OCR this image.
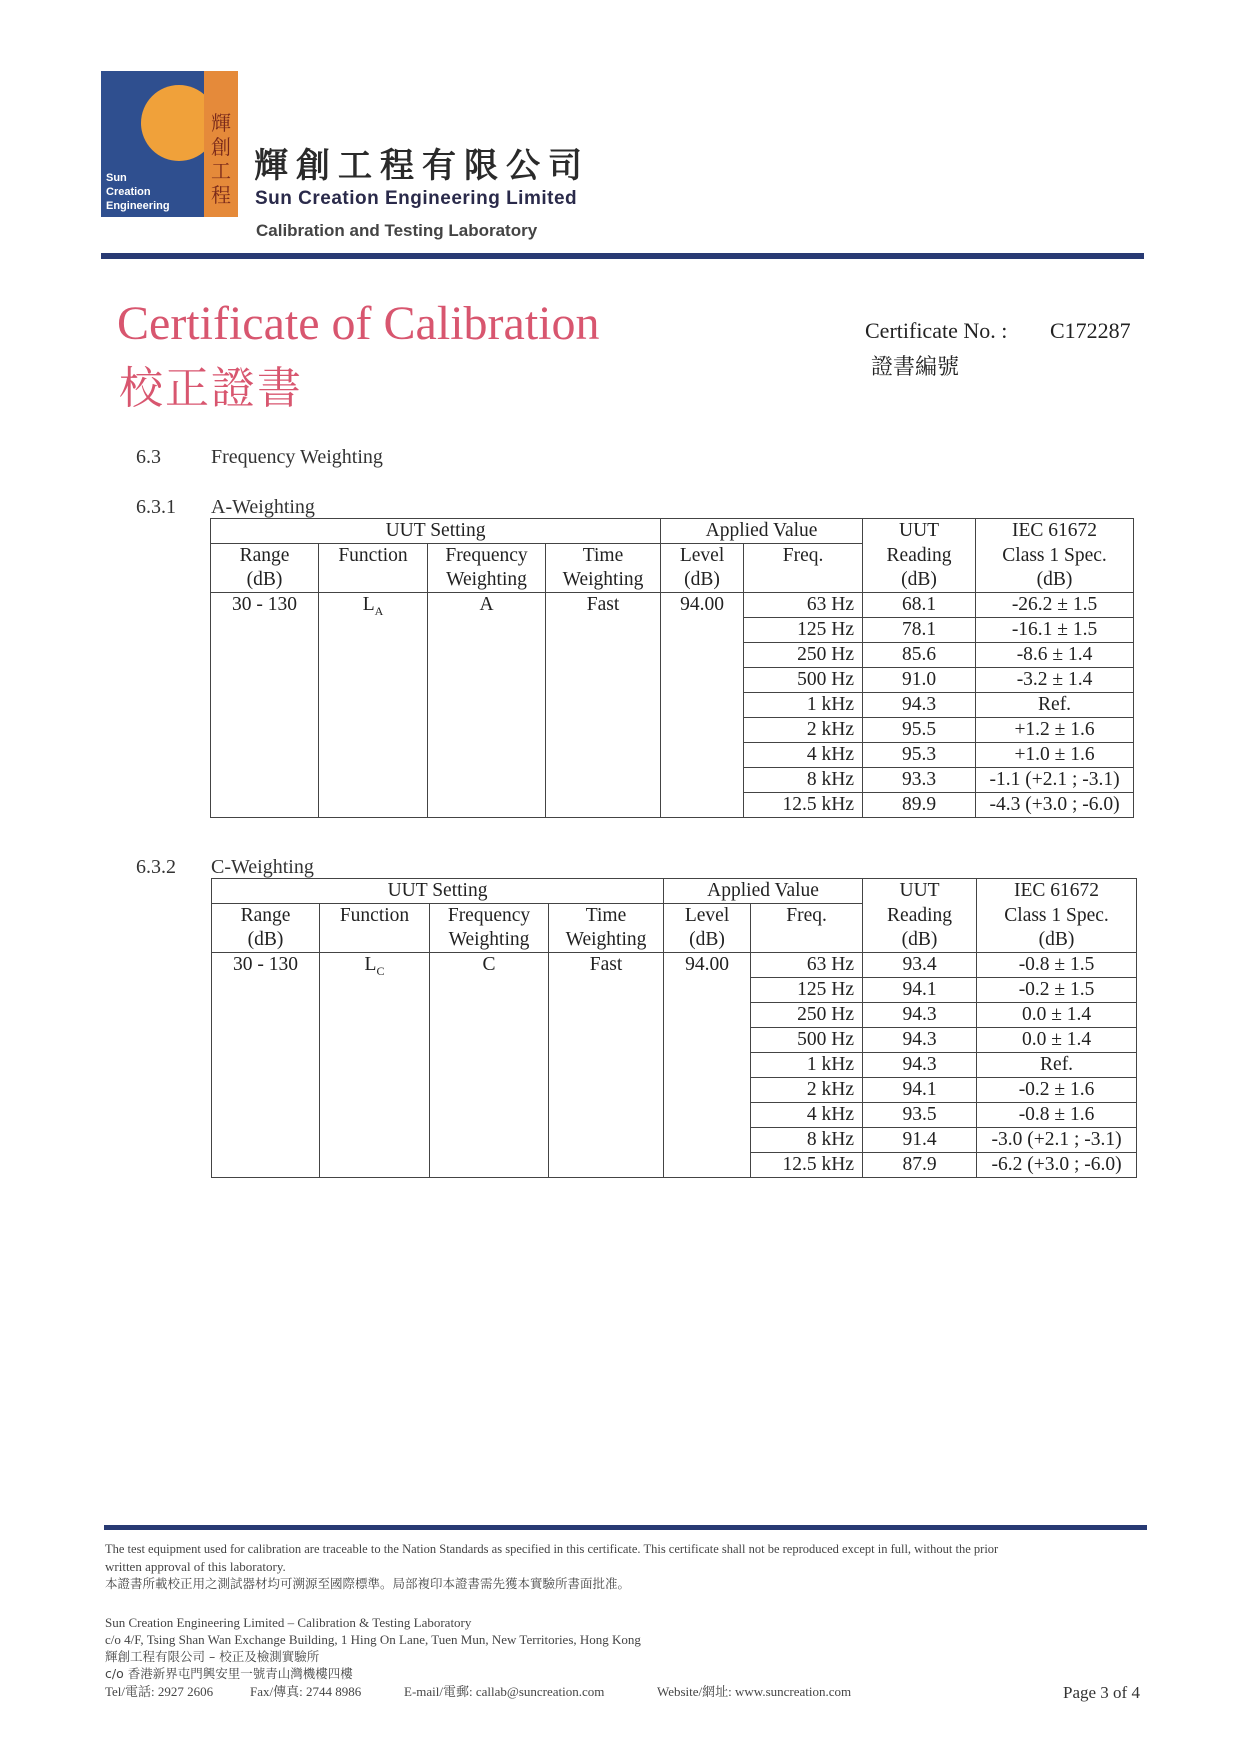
Sun
Creation
Engineering
輝
創
工
程
輝創工程有限公司
Sun Creation Engineering Limited
Calibration and Testing Laboratory
Certificate of Calibration
校正證書
Certificate No. : C172287
證書編號
6.3	Frequency Weighting
6.3.1 A-Weighting
UUT Setting				Applied Value		UUT	IEC 61672
Range	Function	Frequency	Time	Level	Freq.	Reading	Class 1 Spec.
(dB)		Weighting	Weighting	(dB)		(dB)	(dB)
30 - 130	$L_A$	A	Fast	94.00	63 Hz	68.1	-26.2 ± 1.5
					125 Hz	78.1	-16.1 ± 1.5
					250 Hz	85.6	-8.6 ± 1.4
					500 Hz	91.0	-3.2 ± 1.4
					1 kHz	94.3	Ref.
					2 kHz	95.5	+1.2 ± 1.6
					4 kHz	95.3	+1.0 ± 1.6
					8 kHz	93.3	-1.1 (+2.1 ; -3.1)
					12.5 kHz	89.9	-4.3 (+3.0 ; -6.0)
6.3.2 C-Weighting
UUT Setting				Applied Value		UUT	IEC 61672
Range	Function	Frequency	Time	Level	Freq.	Reading	Class 1 Spec.
(dB)		Weighting	Weighting	(dB)		(dB)	(dB)
30 - 130	$L_C$	C	Fast	94.00	63 Hz	93.4	-0.8 ± 1.5
					125 Hz	94.1	-0.2 ± 1.5
					250 Hz	94.3	0.0 ± 1.4
					500 Hz	94.3	0.0 ± 1.4
					1 kHz	94.3	Ref.
					2 kHz	94.1	-0.2 ± 1.6
					4 kHz	93.5	-0.8 ± 1.6
					8 kHz	91.4	-3.0 (+2.1 ; -3.1)
					12.5 kHz	87.9	-6.2 (+3.0 ; -6.0)
The test equipment used for calibration are traceable to the Nation Standards as specified in this certificate. This certificate shall not be reproduced except in full, without the prior
written approval of this laboratory.
本證書所載校正用之測試器材均可溯源至國際標準。局部複印本證書需先獲本實驗所書面批准。
Sun Creation Engineering Limited – Calibration & Testing Laboratory
c/o 4/F, Tsing Shan Wan Exchange Building, 1 Hing On Lane, Tuen Mun, New Territories, Hong Kong
輝創工程有限公司 – 校正及檢測實驗所
c/o 香港新界屯門興安里一號青山灣機樓四樓
Tel/電話: 2927 2606	Fax/傳真: 2744 8986	E-mail/電郵: callab@suncreation.com	Website/網址: www.suncreation.com	Page 3 of 4
